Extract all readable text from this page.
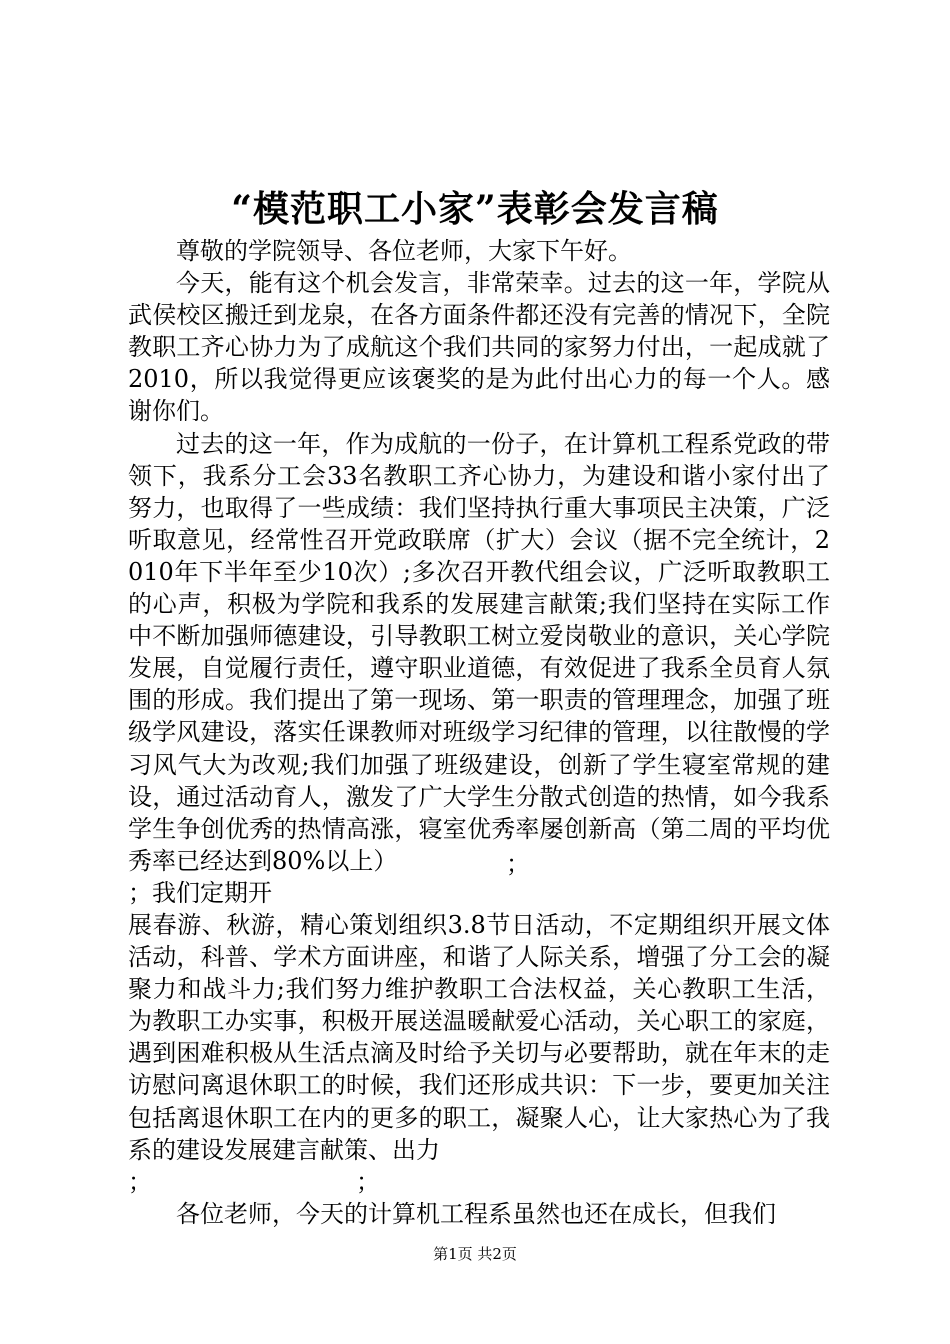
“模范职工小家”表彰会发言稿

尊敬的学院领导、各位老师，大家下午好。

今天，能有这个机会发言，非常荣幸。过去的这一年，学院从武侯校区搬迁到龙泉，在各方面条件都还没有完善的情况下，全院教职工齐心协力为了成航这个我们共同的家努力付出，一起成就了2010，所以我觉得更应该褒奖的是为此付出心力的每一个人。感谢你们。

过去的这一年，作为成航的一份子，在计算机工程系党政的带领下，我系分工会33名教职工齐心协力，为建设和谐小家付出了努力，也取得了一些成绩：我们坚持执行重大事项民主决策，广泛听取意见，经常性召开党政联席（扩大）会议（据不完全统计，2010年下半年至少10次）;多次召开教代组会议，广泛听取教职工的心声，积极为学院和我系的发展建言献策;我们坚持在实际工作中不断加强师德建设，引导教职工树立爱岗敬业的意识，关心学院发展，自觉履行责任，遵守职业道德，有效促进了我系全员育人氛围的形成。我们提出了第一现场、第一职责的管理理念，加强了班级学风建设，落实任课教师对班级学习纪律的管理，以往散慢的学习风气大为改观;我们加强了班级建设，创新了学生寝室常规的建设，通过活动育人，激发了广大学生分散式创造的热情，如今我系学生争创优秀的热情高涨，寝室优秀率屡创新高（第二周的平均优秀率已经达到80%以上）	；

；我们定期开展春游、秋游，精心策划组织3.8节日活动，不定期组织开展文体活动，科普、学术方面讲座，和谐了人际关系，增强了分工会的凝聚力和战斗力;我们努力维护教职工合法权益，关心教职工生活，为教职工办实事，积极开展送温暖献爱心活动，关心职工的家庭，遇到困难积极从生活点滴及时给予关切与必要帮助，就在年末的走访慰问离退休职工的时候，我们还形成共识：下一步，要更加关注包括离退休职工在内的更多的职工，凝聚人心，让大家热心为了我系的建设发展建言献策、出力

；	；

各位老师，今天的计算机工程系虽然也还在成长，但我们

第1页 共2页
